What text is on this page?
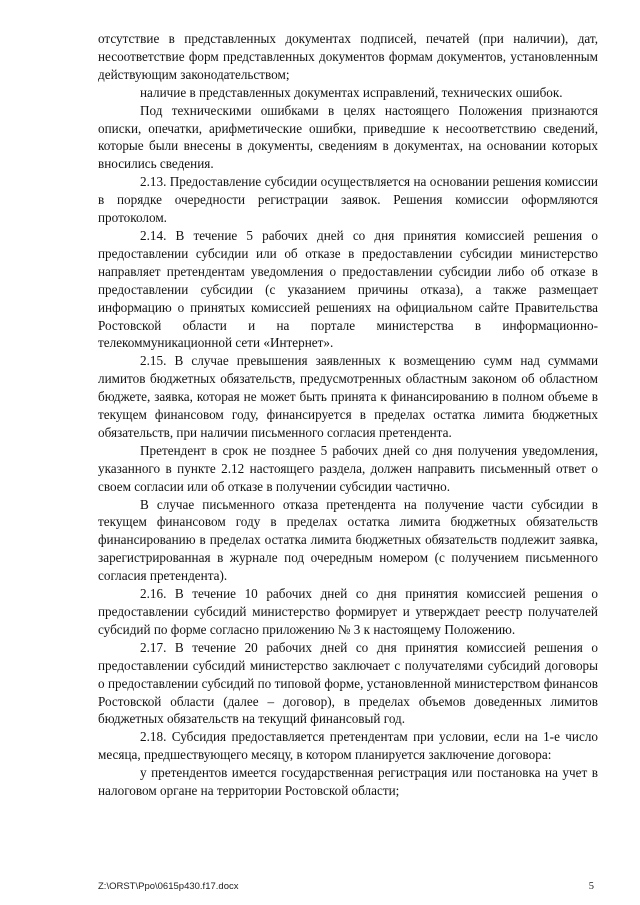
отсутствие в представленных документах подписей, печатей (при наличии), дат, несоответствие форм представленных документов формам документов, установленным действующим законодательством;

наличие в представленных документах исправлений, технических ошибок.

Под техническими ошибками в целях настоящего Положения признаются описки, опечатки, арифметические ошибки, приведшие к несоответствию сведений, которые были внесены в документы, сведениям в документах, на основании которых вносились сведения.

2.13. Предоставление субсидии осуществляется на основании решения комиссии в порядке очередности регистрации заявок. Решения комиссии оформляются протоколом.

2.14. В течение 5 рабочих дней со дня принятия комиссией решения о предоставлении субсидии или об отказе в предоставлении субсидии министерство направляет претендентам уведомления о предоставлении субсидии либо об отказе в предоставлении субсидии (с указанием причины отказа), а также размещает информацию о принятых комиссией решениях на официальном сайте Правительства Ростовской области и на портале министерства в информационно-телекоммуникационной сети «Интернет».

2.15. В случае превышения заявленных к возмещению сумм над суммами лимитов бюджетных обязательств, предусмотренных областным законом об областном бюджете, заявка, которая не может быть принята к финансированию в полном объеме в текущем финансовом году, финансируется в пределах остатка лимита бюджетных обязательств, при наличии письменного согласия претендента.

Претендент в срок не позднее 5 рабочих дней со дня получения уведомления, указанного в пункте 2.12 настоящего раздела, должен направить письменный ответ о своем согласии или об отказе в получении субсидии частично.

В случае письменного отказа претендента на получение части субсидии в текущем финансовом году в пределах остатка лимита бюджетных обязательств финансированию в пределах остатка лимита бюджетных обязательств подлежит заявка, зарегистрированная в журнале под очередным номером (с получением письменного согласия претендента).

2.16. В течение 10 рабочих дней со дня принятия комиссией решения о предоставлении субсидий министерство формирует и утверждает реестр получателей субсидий по форме согласно приложению № 3 к настоящему Положению.

2.17. В течение 20 рабочих дней со дня принятия комиссией решения о предоставлении субсидий министерство заключает с получателями субсидий договоры о предоставлении субсидий по типовой форме, установленной министерством финансов Ростовской области (далее – договор), в пределах объемов доведенных лимитов бюджетных обязательств на текущий финансовый год.

2.18. Субсидия предоставляется претендентам при условии, если на 1-е число месяца, предшествующего месяцу, в котором планируется заключение договора:

у претендентов имеется государственная регистрация или постановка на учет в налоговом органе на территории Ростовской области;

Z:\ORST\Ppo\0615p430.f17.docx	5
